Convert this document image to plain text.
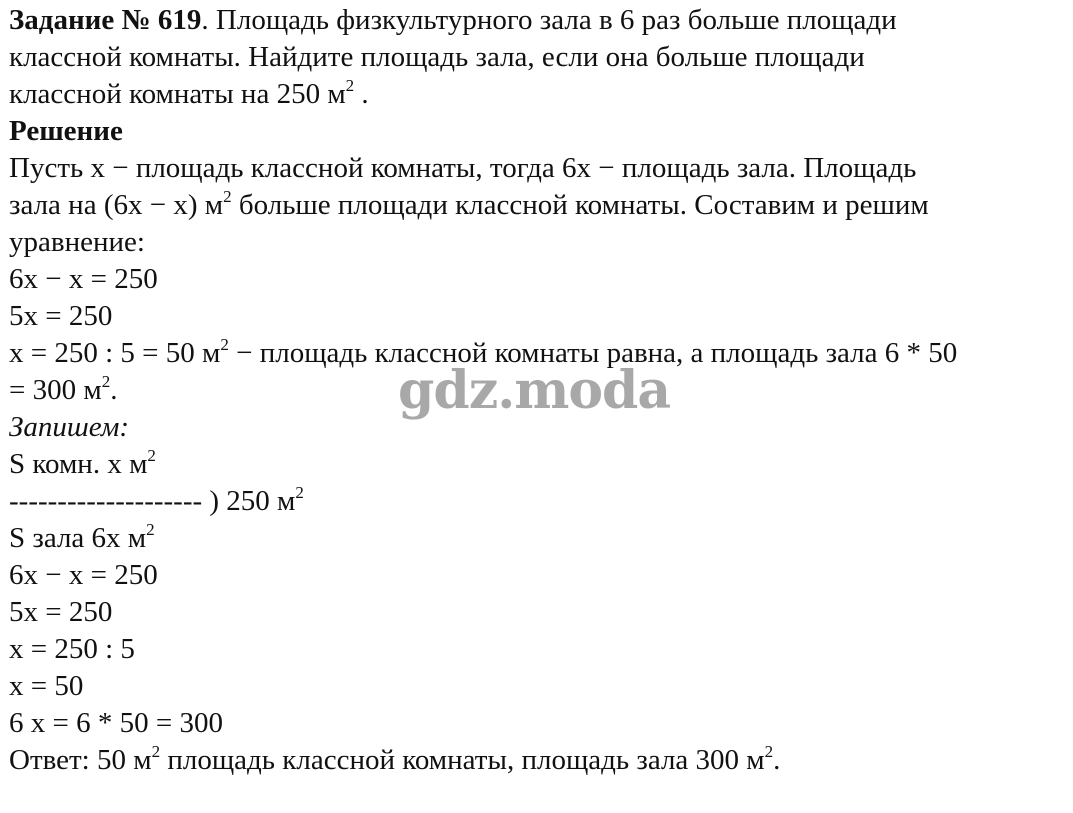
Задание № 619. Площадь физкультурного зала в 6 раз больше площади
классной комнаты. Найдите площадь зала, если она больше площади
классной комнаты на 250 $м^2$ .
Решение
Пусть х − площадь классной комнаты, тогда 6х − площадь зала. Площадь
зала на (6х − х) $м^2$ больше площади классной комнаты. Составим и решим
уравнение:
6х − х = 250
5х = 250
х = 250 : 5 = 50 $м^2$ − площадь классной комнаты равна, а площадь зала 6 * 50
= 300 $м^2$.
Запишем:
S комн. х $м^2$
-------------------- ) 250 $м^2$
S зала 6х $м^2$
6х − х = 250
5х = 250
х = 250 : 5
х = 50
6 х = 6 * 50 = 300
Ответ: 50 $м^2$ площадь классной комнаты, площадь зала 300 $м^2$.
gdz.moda
